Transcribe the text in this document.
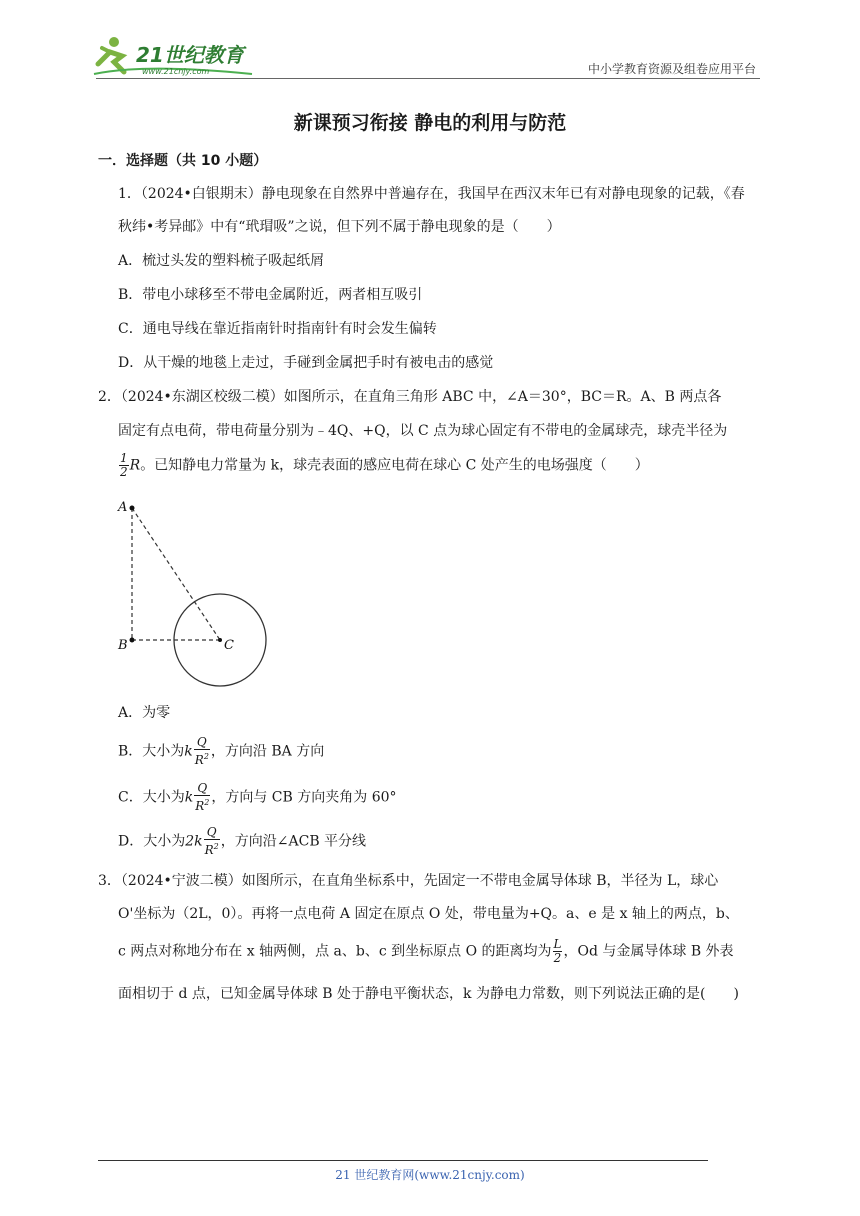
21世纪教育
www.21cnjy.com	中小学教育资源及组卷应用平台
新课预习衔接 静电的利用与防范
一．选择题（共 10 小题）
1．（2024•白银期末）静电现象在自然界中普遍存在，我国早在西汉末年已有对静电现象的记载，《春
秋纬•考异邮》中有“玳瑁吸”之说，但下列不属于静电现象的是（　　）
A．梳过头发的塑料梳子吸起纸屑
B．带电小球移至不带电金属附近，两者相互吸引
C．通电导线在靠近指南针时指南针有时会发生偏转
D．从干燥的地毯上走过，手碰到金属把手时有被电击的感觉
2．（2024•东湖区校级二模）如图所示，在直角三角形 ABC 中，∠A＝30°，BC＝R。A、B 两点各
固定有点电荷，带电荷量分别为﹣4Q、+Q，以 C 点为球心固定有不带电的金属球壳，球壳半径为
$\frac{1}{2}$ R。已知静电力常量为 k，球壳表面的感应电荷在球心 C 处产生的电场强度（　　）
A
B	C
A．为零
B．大小为k $\frac{Q}{R^2}$ ，方向沿 BA 方向
C．大小为k $\frac{Q}{R^2}$ ，方向与 CB 方向夹角为 60°
D．大小为$2k \frac{Q}{R^2}$ ，方向沿∠ACB 平分线
3．（2024•宁波二模）如图所示，在直角坐标系中，先固定一不带电金属导体球 B，半径为 L，球心
O'坐标为（2L，0）。再将一点电荷 A 固定在原点 O 处，带电量为+Q。a、e 是 x 轴上的两点，b、
c 两点对称地分布在 x 轴两侧，点 a、b、c 到坐标原点 O 的距离均为 $\frac{L}{2}$ ，Od 与金属导体球 B 外表
面相切于 d 点，已知金属导体球 B 处于静电平衡状态，k 为静电力常数，则下列说法正确的是(　　)
21 世纪教育网(www.21cnjy.com)
